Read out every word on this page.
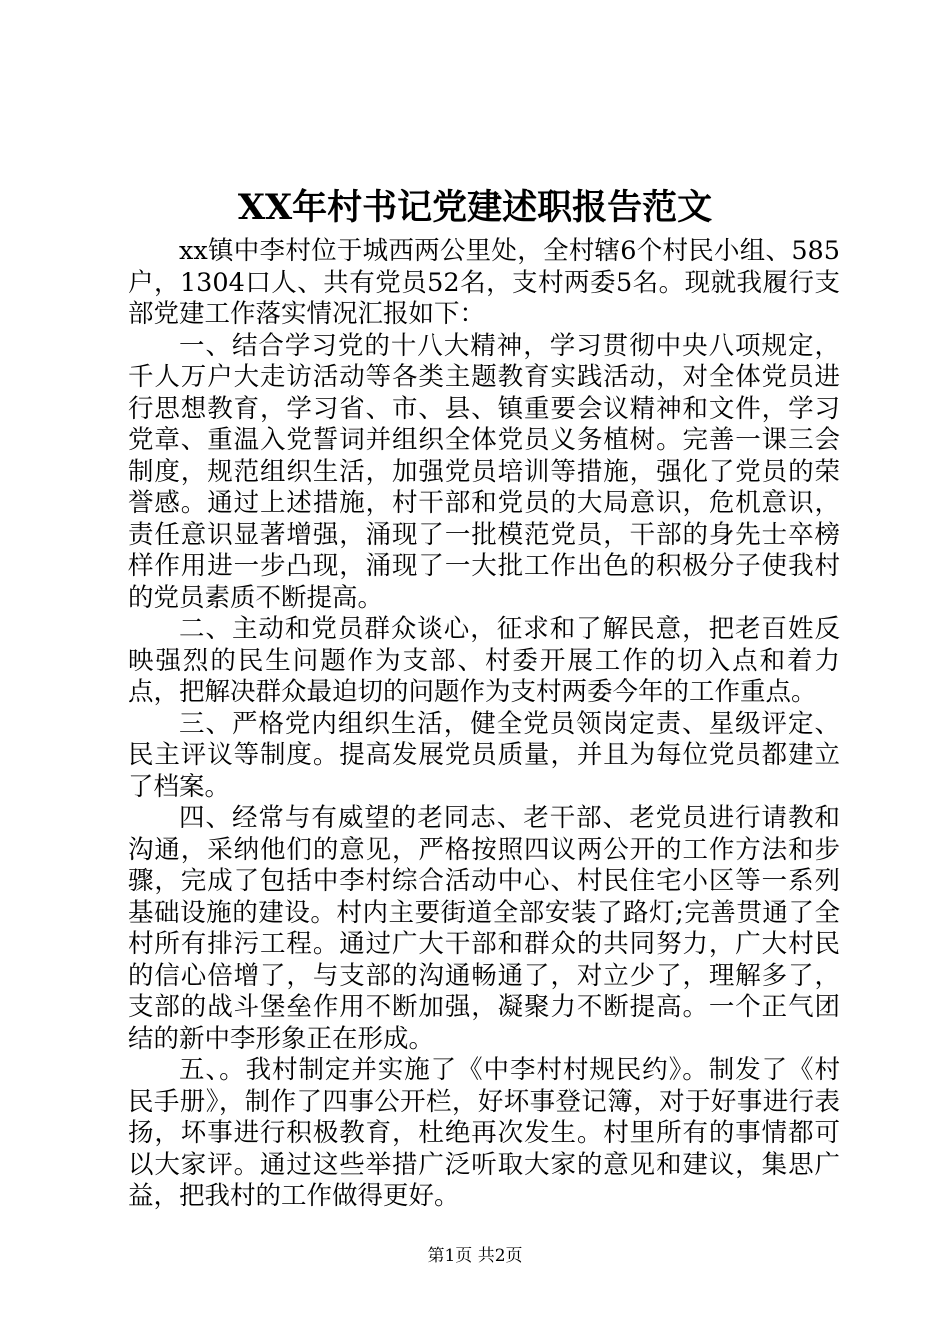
XX年村书记党建述职报告范文

xx镇中李村位于城西两公里处，全村辖6个村民小组、585户，1304口人、共有党员52名，支村两委5名。现就我履行支部党建工作落实情况汇报如下：

一、结合学习党的十八大精神，学习贯彻中央八项规定，千人万户大走访活动等各类主题教育实践活动，对全体党员进行思想教育，学习省、市、县、镇重要会议精神和文件，学习党章、重温入党誓词并组织全体党员义务植树。完善一课三会制度，规范组织生活，加强党员培训等措施，强化了党员的荣誉感。通过上述措施，村干部和党员的大局意识，危机意识，责任意识显著增强，涌现了一批模范党员，干部的身先士卒榜样作用进一步凸现，涌现了一大批工作出色的积极分子使我村的党员素质不断提高。

二、主动和党员群众谈心，征求和了解民意，把老百姓反映强烈的民生问题作为支部、村委开展工作的切入点和着力点，把解决群众最迫切的问题作为支村两委今年的工作重点。

三、严格党内组织生活，健全党员领岗定责、星级评定、民主评议等制度。提高发展党员质量，并且为每位党员都建立了档案。

四、经常与有威望的老同志、老干部、老党员进行请教和沟通，采纳他们的意见，严格按照四议两公开的工作方法和步骤，完成了包括中李村综合活动中心、村民住宅小区等一系列基础设施的建设。村内主要街道全部安装了路灯;完善贯通了全村所有排污工程。通过广大干部和群众的共同努力，广大村民的信心倍增了，与支部的沟通畅通了，对立少了，理解多了，支部的战斗堡垒作用不断加强，凝聚力不断提高。一个正气团结的新中李形象正在形成。

五、。我村制定并实施了《中李村村规民约》。制发了《村民手册》，制作了四事公开栏，好坏事登记簿，对于好事进行表扬，坏事进行积极教育，杜绝再次发生。村里所有的事情都可以大家评。通过这些举措广泛听取大家的意见和建议，集思广益，把我村的工作做得更好。

第1页 共2页
